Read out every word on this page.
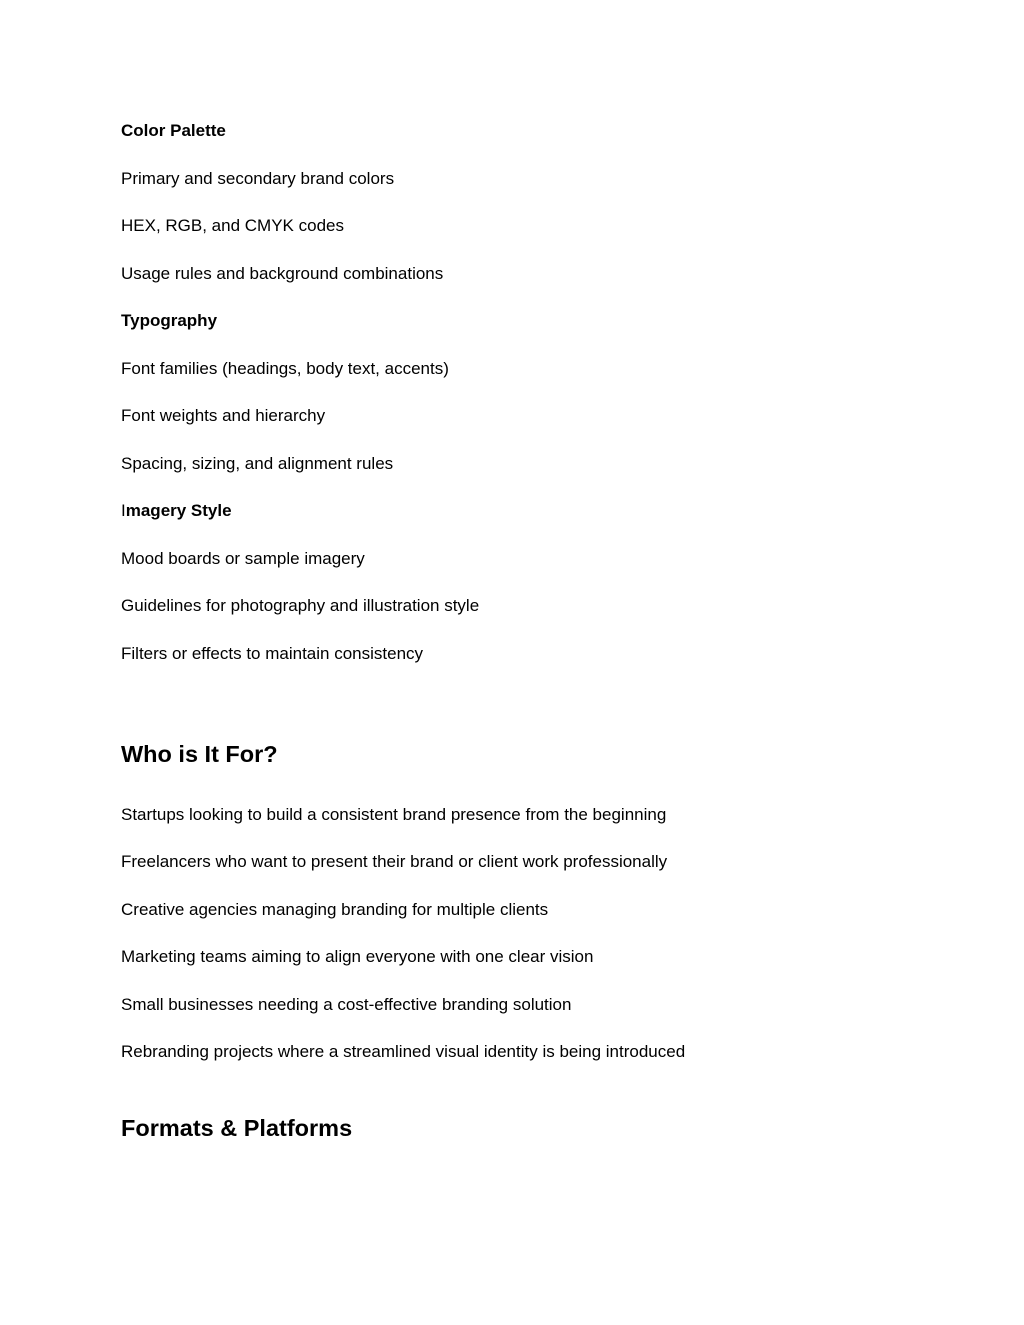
Color Palette

Primary and secondary brand colors

HEX, RGB, and CMYK codes

Usage rules and background combinations

Typography

Font families (headings, body text, accents)

Font weights and hierarchy

Spacing, sizing, and alignment rules

Imagery Style

Mood boards or sample imagery

Guidelines for photography and illustration style

Filters or effects to maintain consistency

Who is It For?

Startups looking to build a consistent brand presence from the beginning

Freelancers who want to present their brand or client work professionally

Creative agencies managing branding for multiple clients

Marketing teams aiming to align everyone with one clear vision

Small businesses needing a cost-effective branding solution

Rebranding projects where a streamlined visual identity is being introduced

Formats & Platforms
